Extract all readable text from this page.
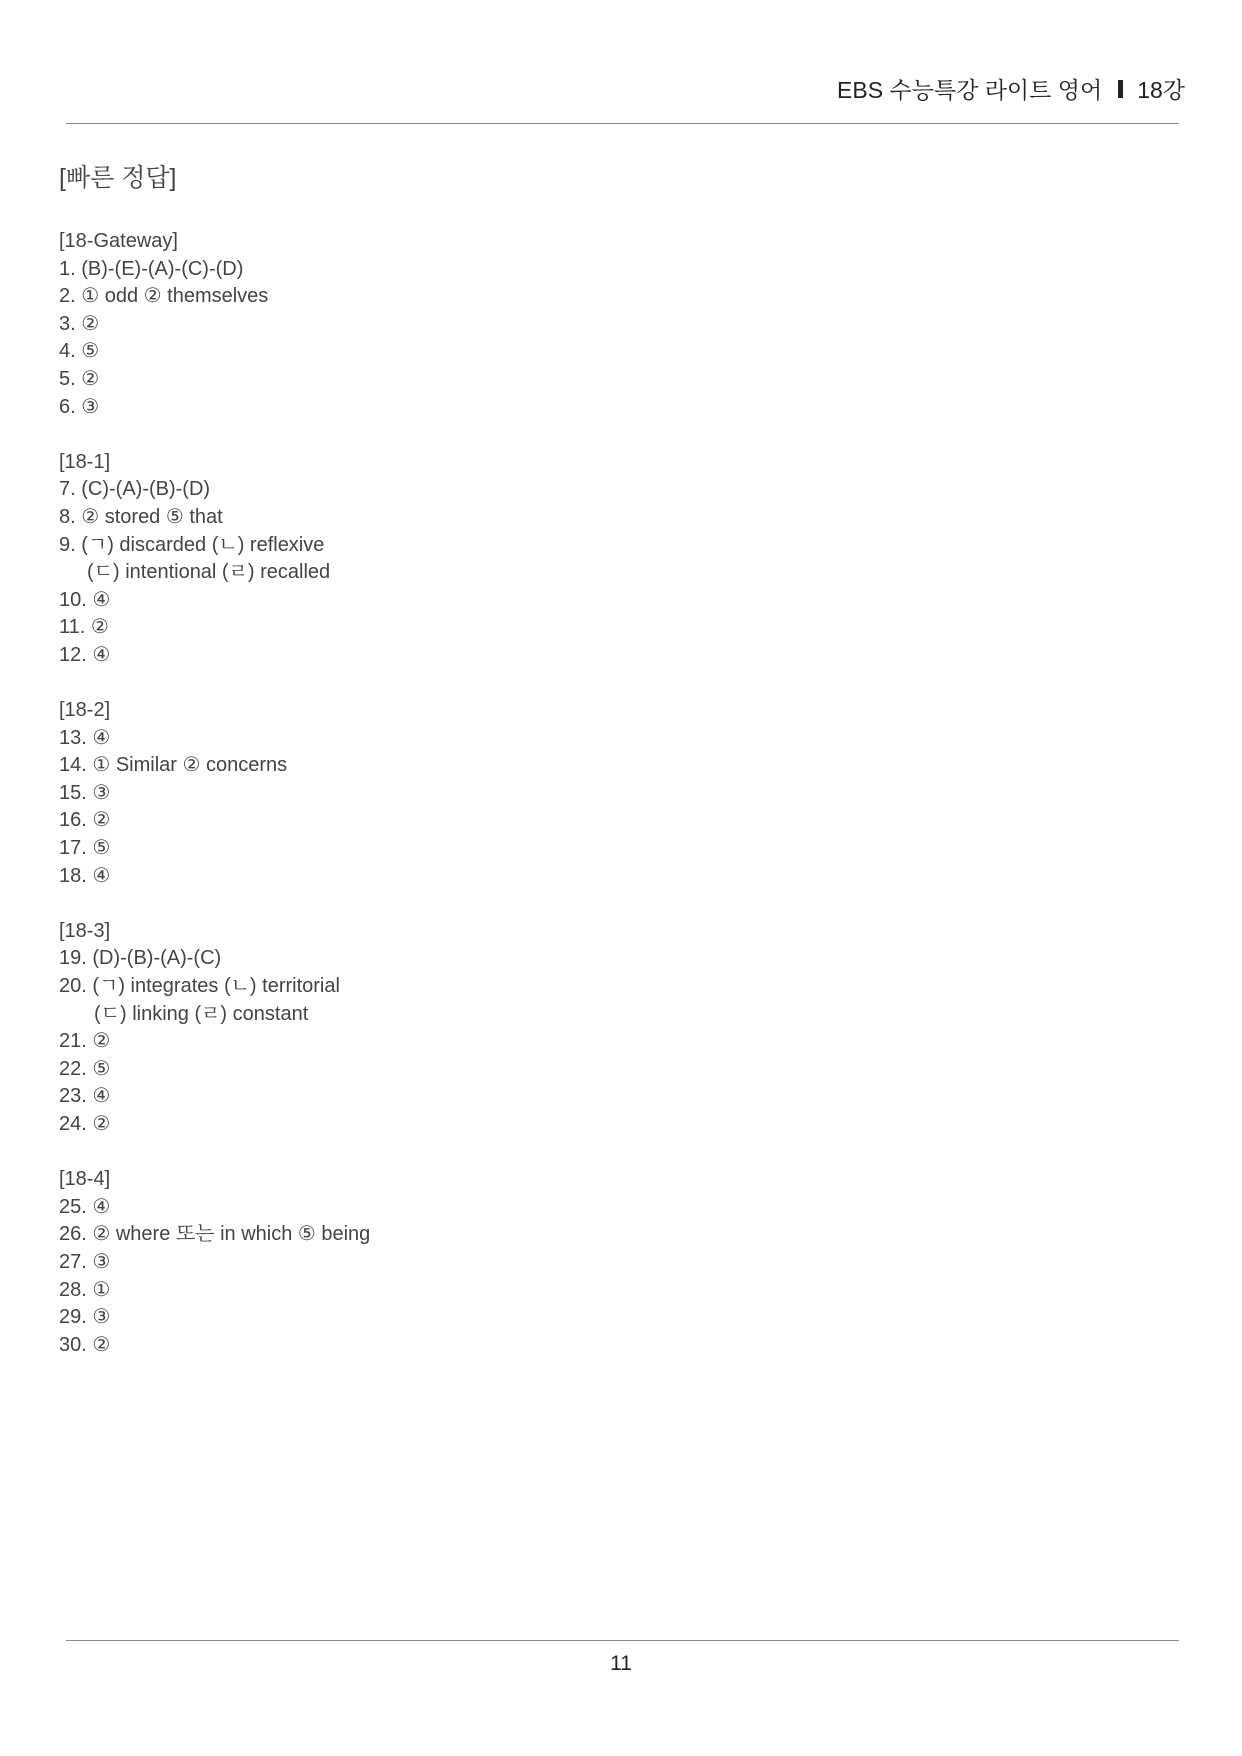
EBS 수능특강 라이트 영어 18강
[빠른 정답]
[18-Gateway]
1. (B)-(E)-(A)-(C)-(D)
2. ① odd ② themselves
3. ②
4. ⑤
5. ②
6. ③
[18-1]
7. (C)-(A)-(B)-(D)
8. ② stored ⑤ that
9. (ㄱ) discarded (ㄴ) reflexive
(ㄷ) intentional (ㄹ) recalled
10. ④
11. ②
12. ④
[18-2]
13. ④
14. ① Similar ② concerns
15. ③
16. ②
17. ⑤
18. ④
[18-3]
19. (D)-(B)-(A)-(C)
20. (ㄱ) integrates (ㄴ) territorial
(ㄷ) linking (ㄹ) constant
21. ②
22. ⑤
23. ④
24. ②
[18-4]
25. ④
26. ② where 또는 in which ⑤ being
27. ③
28. ①
29. ③
30. ②
11
